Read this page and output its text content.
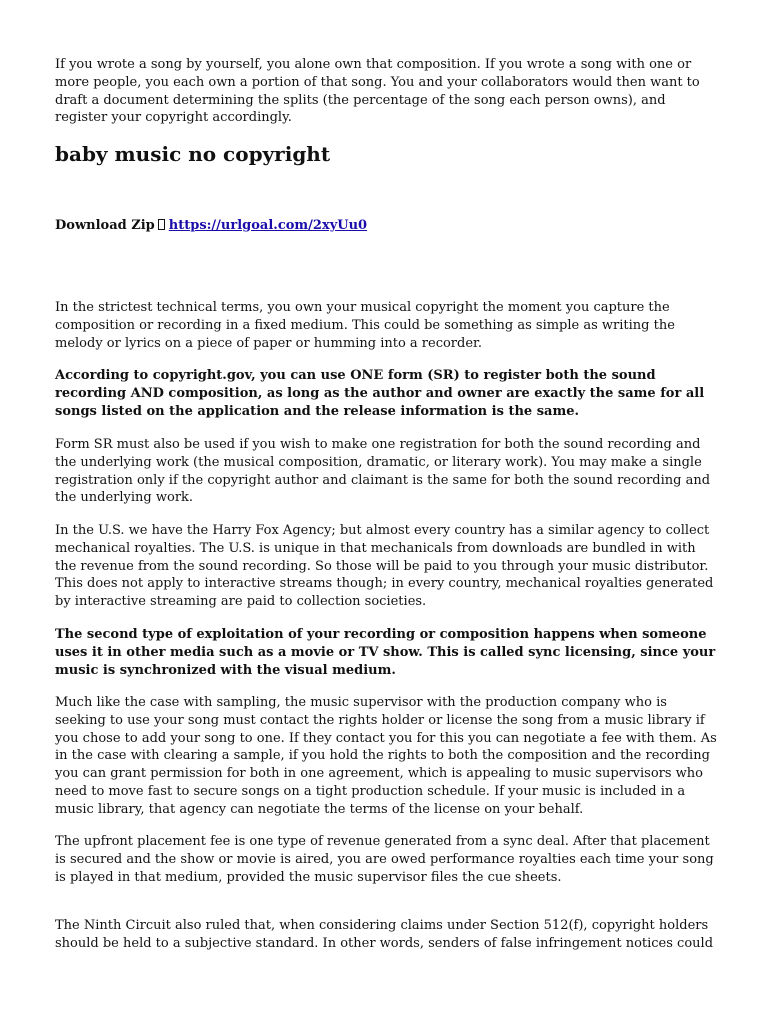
If you wrote a song by yourself, you alone own that composition. If you wrote a song with one or more people, you each own a portion of that song. You and your collaborators would then want to draft a document determining the splits (the percentage of the song each person owns), and register your copyright accordingly.

baby music no copyright
Download Zip https://urlgoal.com/2xyUu0

In the strictest technical terms, you own your musical copyright the moment you capture the composition or recording in a fixed medium. This could be something as simple as writing the melody or lyrics on a piece of paper or humming into a recorder.

According to copyright.gov, you can use ONE form (SR) to register both the sound recording AND composition, as long as the author and owner are exactly the same for all songs listed on the application and the release information is the same.

Form SR must also be used if you wish to make one registration for both the sound recording and the underlying work (the musical composition, dramatic, or literary work). You may make a single registration only if the copyright author and claimant is the same for both the sound recording and the underlying work.

In the U.S. we have the Harry Fox Agency; but almost every country has a similar agency to collect mechanical royalties. The U.S. is unique in that mechanicals from downloads are bundled in with the revenue from the sound recording. So those will be paid to you through your music distributor. This does not apply to interactive streams though; in every country, mechanical royalties generated by interactive streaming are paid to collection societies.

The second type of exploitation of your recording or composition happens when someone uses it in other media such as a movie or TV show. This is called sync licensing, since your music is synchronized with the visual medium.

Much like the case with sampling, the music supervisor with the production company who is seeking to use your song must contact the rights holder or license the song from a music library if you chose to add your song to one. If they contact you for this you can negotiate a fee with them. As in the case with clearing a sample, if you hold the rights to both the composition and the recording you can grant permission for both in one agreement, which is appealing to music supervisors who need to move fast to secure songs on a tight production schedule. If your music is included in a music library, that agency can negotiate the terms of the license on your behalf.

The upfront placement fee is one type of revenue generated from a sync deal. After that placement is secured and the show or movie is aired, you are owed performance royalties each time your song is played in that medium, provided the music supervisor files the cue sheets.

The Ninth Circuit also ruled that, when considering claims under Section 512(f), copyright holders should be held to a subjective standard. In other words, senders of false infringement notices could
